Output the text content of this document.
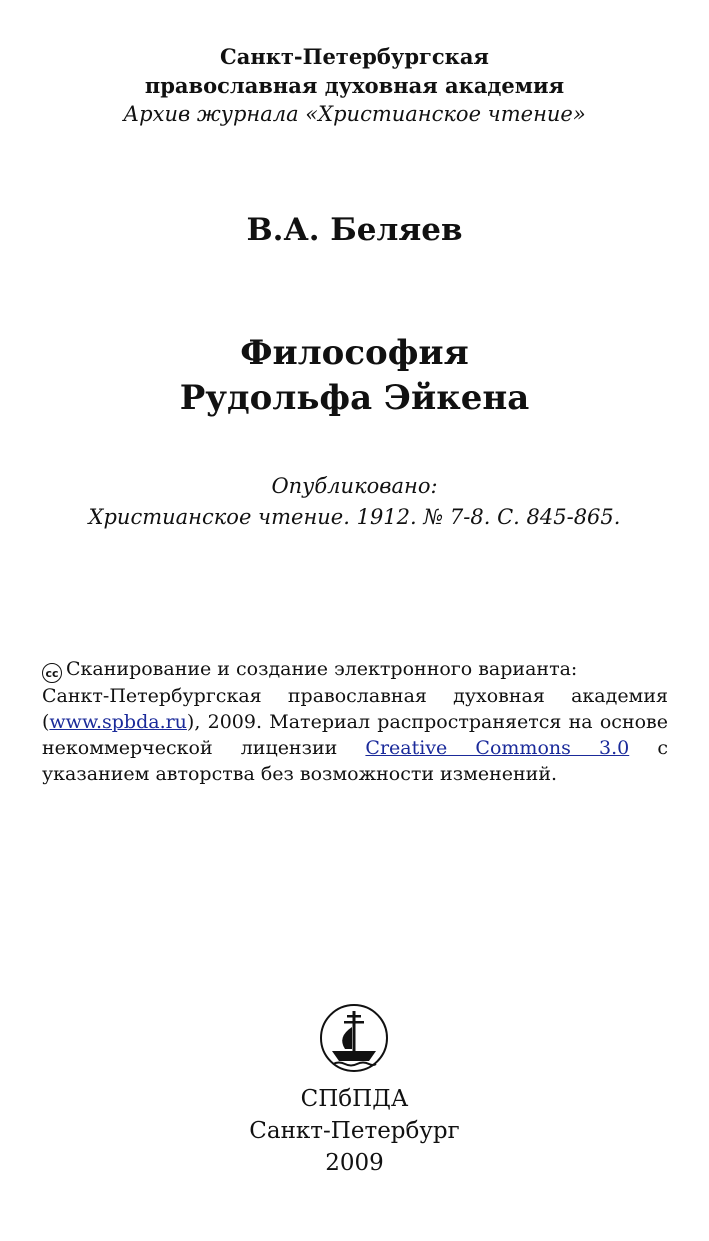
Санкт-Петербургская
православная духовная академия
Архив журнала «Христианское чтение»
В.А. Беляев
Философия
Рудольфа Эйкена
Опубликовано:
Христианское чтение. 1912. № 7-8. С. 845-865.

cc Сканирование и создание электронного варианта:

Санкт-Петербургская православная духовная академия (www.spbda.ru), 2009. Материал распространяется на основе некоммерческой лицензии Creative Commons 3.0 с указанием авторства без возможности изменений.

СПбПДА
Санкт-Петербург
2009
